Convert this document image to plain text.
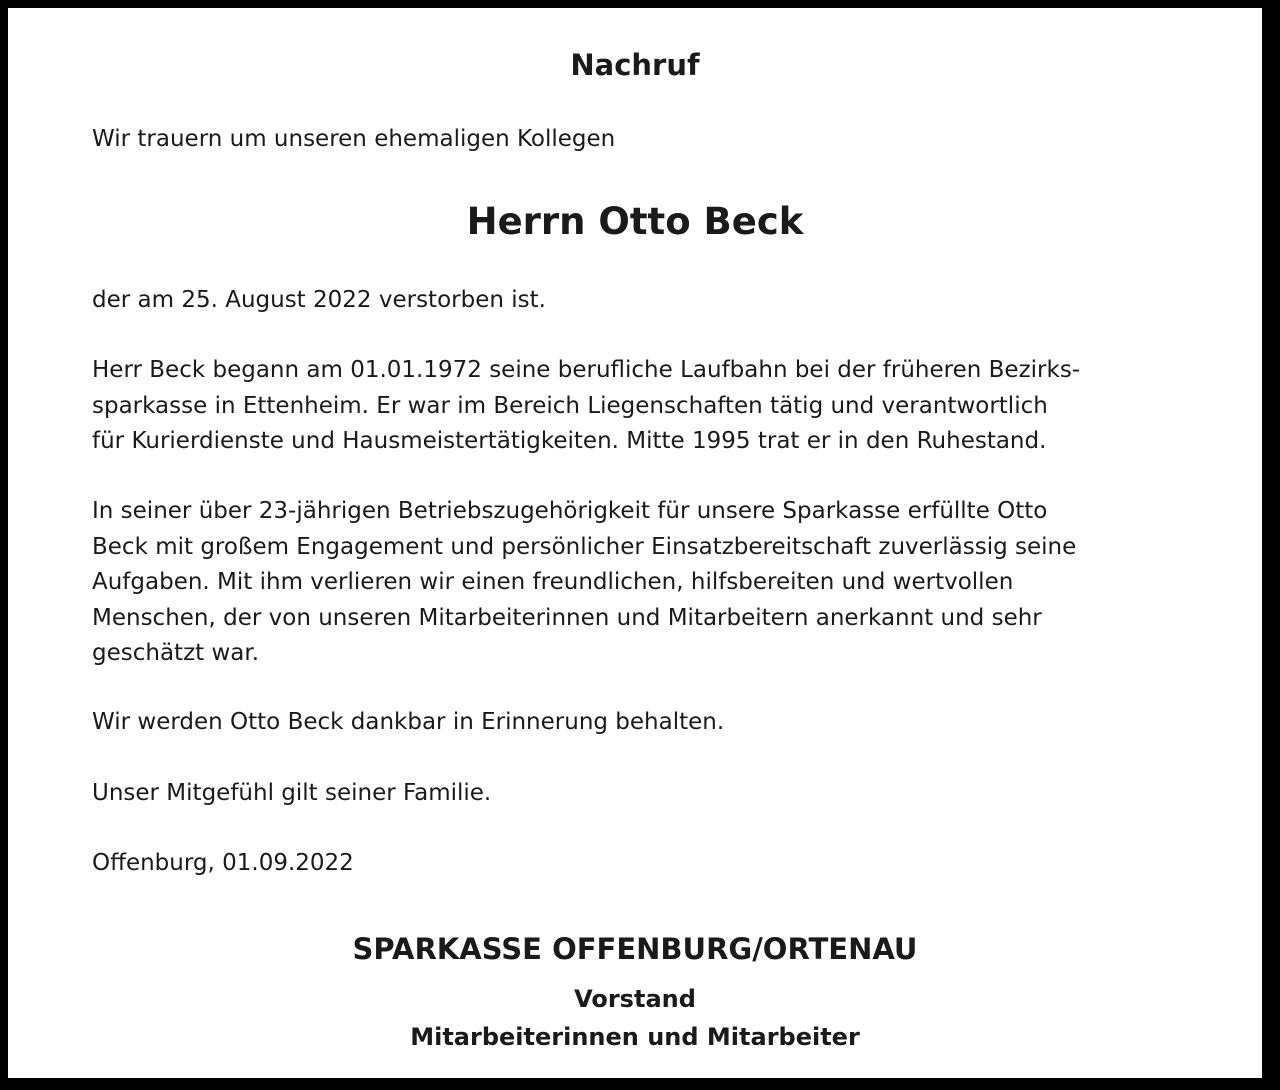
Nachruf

Wir trauern um unseren ehemaligen Kollegen

Herrn Otto Beck

der am 25. August 2022 verstorben ist.

Herr Beck begann am 01.01.1972 seine berufliche Laufbahn bei der früheren Bezirks-
sparkasse in Ettenheim. Er war im Bereich Liegenschaften tätig und verantwortlich
für Kurierdienste und Hausmeistertätigkeiten. Mitte 1995 trat er in den Ruhestand.

In seiner über 23-jährigen Betriebszugehörigkeit für unsere Sparkasse erfüllte Otto
Beck mit großem Engagement und persönlicher Einsatzbereitschaft zuverlässig seine
Aufgaben. Mit ihm verlieren wir einen freundlichen, hilfsbereiten und wertvollen
Menschen, der von unseren Mitarbeiterinnen und Mitarbeitern anerkannt und sehr
geschätzt war.

Wir werden Otto Beck dankbar in Erinnerung behalten.

Unser Mitgefühl gilt seiner Familie.

Offenburg, 01.09.2022

SPARKASSE OFFENBURG/ORTENAU
Vorstand
Mitarbeiterinnen und Mitarbeiter
